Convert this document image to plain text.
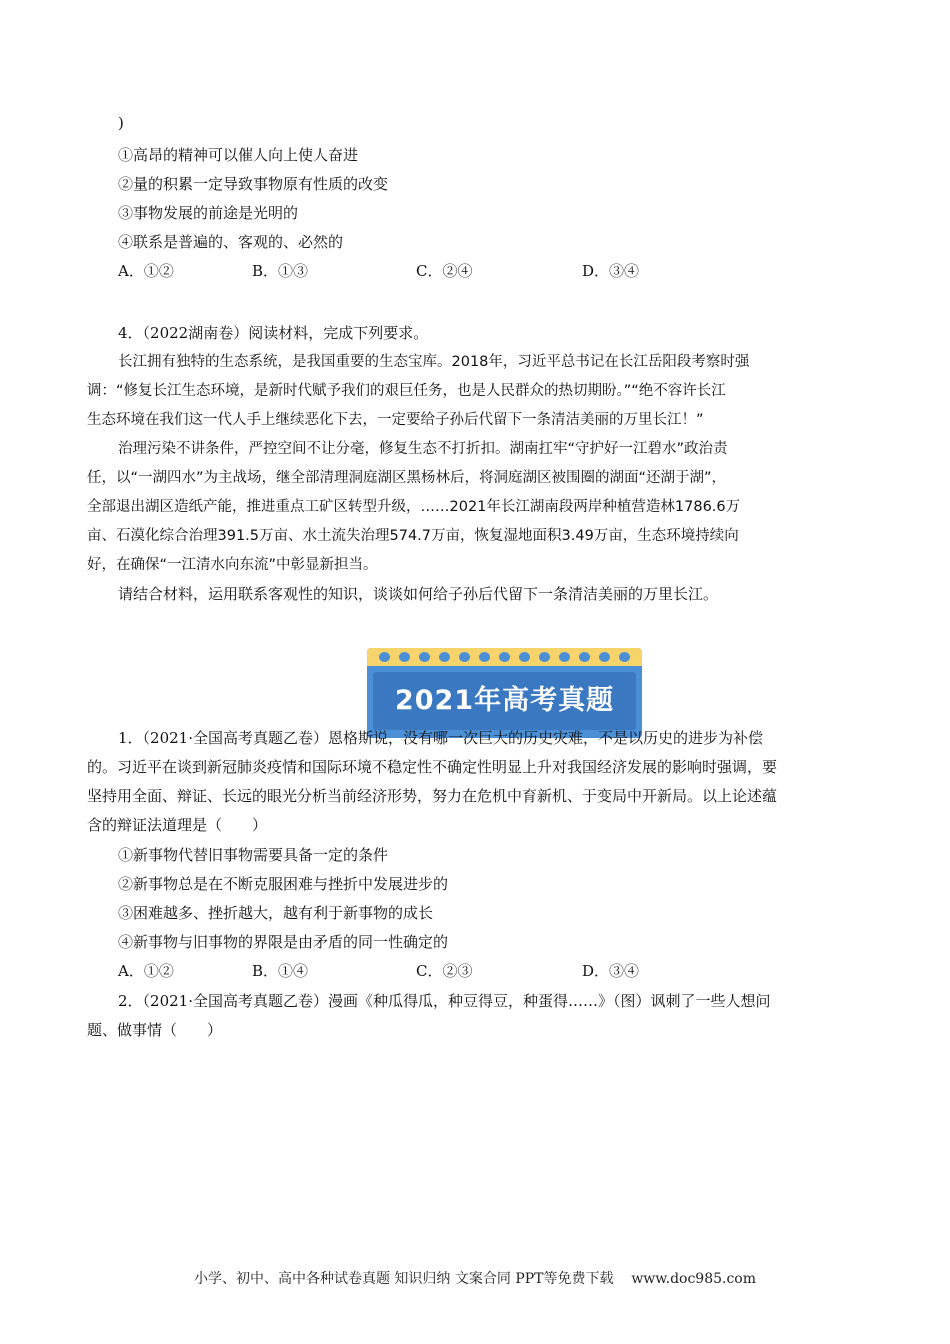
)
①高昂的精神可以催人向上使人奋进
②量的积累一定导致事物原有性质的改变
③事物发展的前途是光明的
④联系是普遍的、客观的、必然的
A．①②	B．①③	C．②④	D．③④
4．（2022湖南卷）阅读材料，完成下列要求。
长江拥有独特的生态系统，是我国重要的生态宝库。2018年，习近平总书记在长江岳阳段考察时强
调：“修复长江生态环境，是新时代赋予我们的艰巨任务，也是人民群众的热切期盼。”“绝不容许长江
生态环境在我们这一代人手上继续恶化下去，一定要给子孙后代留下一条清洁美丽的万里长江！”
治理污染不讲条件，严控空间不让分毫，修复生态不打折扣。湖南扛牢“守护好一江碧水”政治责
任，以“一湖四水”为主战场，继全部清理洞庭湖区黑杨林后，将洞庭湖区被围圈的湖面“还湖于湖”，
全部退出湖区造纸产能，推进重点工矿区转型升级，……2021年长江湖南段两岸种植营造林1786.6万
亩、石漠化综合治理391.5万亩、水土流失治理574.7万亩，恢复湿地面积3.49万亩，生态环境持续向
好，在确保“一江清水向东流”中彰显新担当。
请结合材料，运用联系客观性的知识，谈谈如何给子孙后代留下一条清洁美丽的万里长江。
2021年高考真题
1．（2021·全国高考真题乙卷）恩格斯说，没有哪一次巨大的历史灾难，不是以历史的进步为补偿
的。习近平在谈到新冠肺炎疫情和国际环境不稳定性不确定性明显上升对我国经济发展的影响时强调，要
坚持用全面、辩证、长远的眼光分析当前经济形势，努力在危机中育新机、于变局中开新局。以上论述蕴
含的辩证法道理是（　　）
①新事物代替旧事物需要具备一定的条件
②新事物总是在不断克服困难与挫折中发展进步的
③困难越多、挫折越大，越有利于新事物的成长
④新事物与旧事物的界限是由矛盾的同一性确定的
A．①②	B．①④	C．②③	D．③④
2．（2021·全国高考真题乙卷）漫画《种瓜得瓜，种豆得豆，种蛋得……》（图）讽刺了一些人想问
题、做事情（　　）
小学、初中、高中各种试卷真题 知识归纳 文案合同 PPT等免费下载 www.doc985.com
